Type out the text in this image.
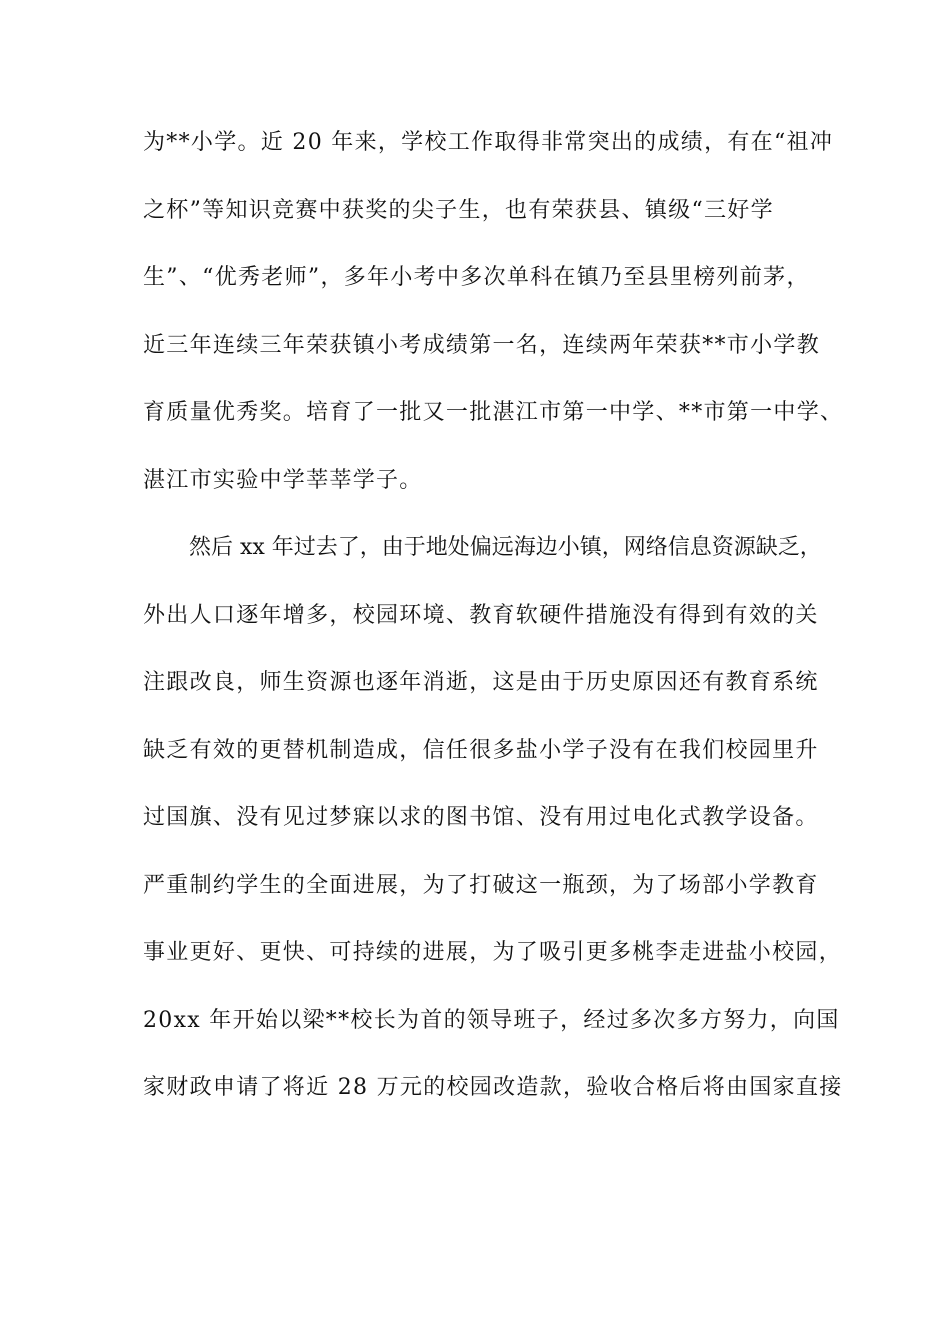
为**小学。近 20 年来，学校工作取得非常突出的成绩，有在“祖冲
之杯”等知识竞赛中获奖的尖子生，也有荣获县、镇级“三好学
生”、“优秀老师”，多年小考中多次单科在镇乃至县里榜列前茅，
近三年连续三年荣获镇小考成绩第一名，连续两年荣获**市小学教
育质量优秀奖。培育了一批又一批湛江市第一中学、**市第一中学、
湛江市实验中学莘莘学子。
然后 xx 年过去了，由于地处偏远海边小镇，网络信息资源缺乏，
外出人口逐年增多，校园环境、教育软硬件措施没有得到有效的关
注跟改良，师生资源也逐年消逝，这是由于历史原因还有教育系统
缺乏有效的更替机制造成，信任很多盐小学子没有在我们校园里升
过国旗、没有见过梦寐以求的图书馆、没有用过电化式教学设备。
严重制约学生的全面进展，为了打破这一瓶颈，为了场部小学教育
事业更好、更快、可持续的进展，为了吸引更多桃李走进盐小校园，
20xx 年开始以梁**校长为首的领导班子，经过多次多方努力，向国
家财政申请了将近 28 万元的校园改造款，验收合格后将由国家直接
